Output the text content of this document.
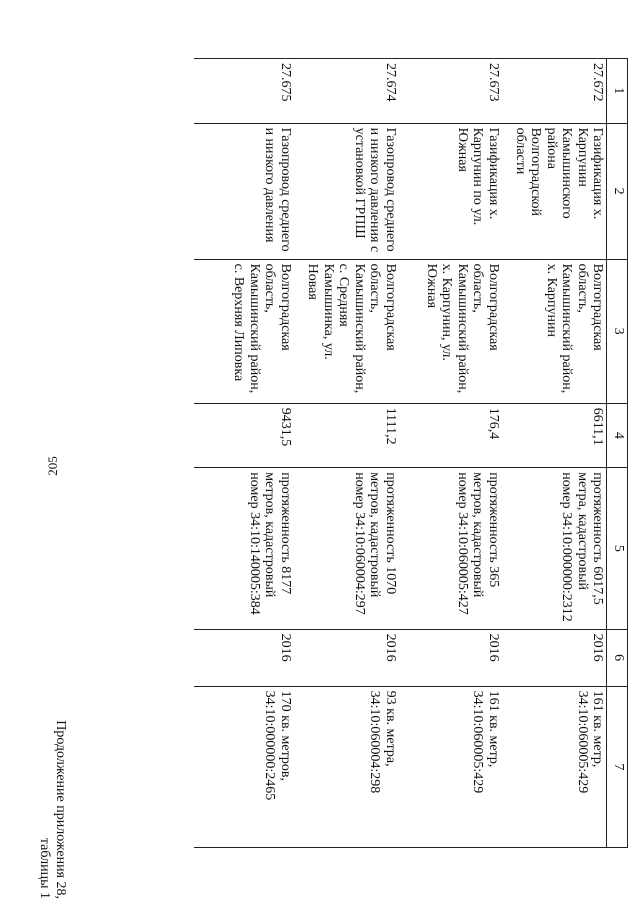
205
Продолжение приложения 28,
таблицы 1
1	2	3	4	5	6	7
27.672	Газификация х. Карпунин Камышинского района Волгоградской области	Волгоградская область, Камышинский район, х. Карпунин	6611,1	протяженность 6017,5 метра, кадастровый номер 34:10:000000:2312	2016	161 кв. метр, 34:10:060005:429
27.673	Газификация х. Карпунин по ул. Южная	Волгоградская область, Камышинский район, х. Карпунин, ул. Южная	176,4	протяженность 365 метров, кадастровый номер 34:10:060005:427	2016	161 кв. метр, 34:10:060005:429
27.674	Газопровод среднего и низкого давления с установкой ГРПШ	Волгоградская область, Камышинский район, с. Средняя Камышинка, ул. Новая	1111,2	протяженность 1070 метров, кадастровый номер 34:10:060004:297	2016	93 кв. метра, 34:10:060004:298
27.675	Газопровод среднего и низкого давления	Волгоградская область, Камышинский район, с. Верхняя Липовка	9431,5	протяженность 8177 метров, кадастровый номер 34:10:140005:384	2016	170 кв. метров, 34:10:000000:2465
